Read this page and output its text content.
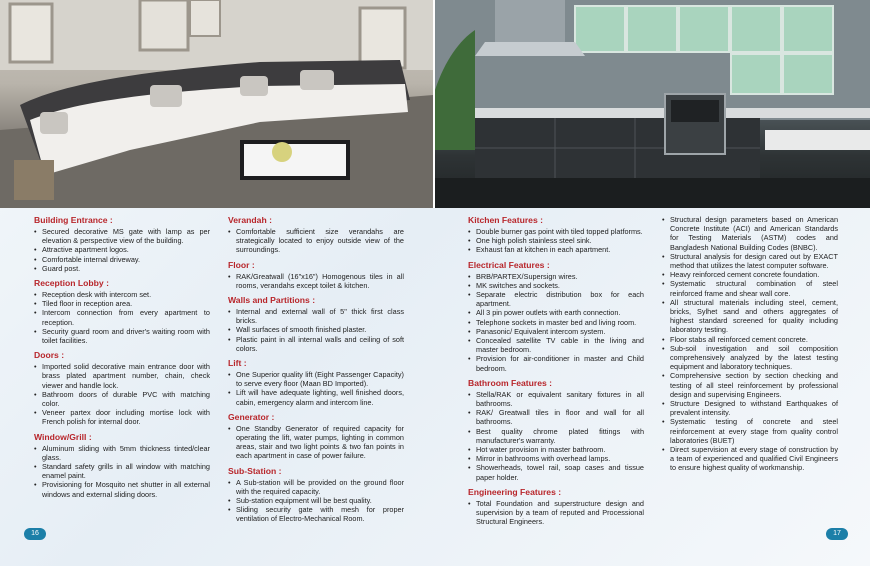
Building Entrance :
• Secured decorative MS gate with lamp as per elevation & perspective view of the building.
• Attractive apartment logos.
• Comfortable internal driveway.
• Guard post.
Reception Lobby :
• Reception desk with intercom set.
• Tiled floor in reception area.
• Intercom connection from every apartment to reception.
• Security guard room and driver's waiting room with toilet facilities.
Doors :
• Imported solid decorative main entrance door with brass plated apartment number, chain, check viewer and handle lock.
• Bathroom doors of durable PVC with matching color.
• Veneer partex door including mortise lock with French polish for internal door.
Window/Grill :
• Aluminum sliding with 5mm thickness tinted/clear glass.
• Standard safety grills in all window with matching enamel paint.
• Provisioning for Mosquito net shutter in all external windows and external sliding doors.
Verandah :
• Comfortable sufficient size verandahs are strategically located to enjoy outside view of the surroundings.
Floor :
• RAK/Greatwall (16"x16") Homogenous tiles in all rooms, verandahs except toilet & kitchen.
Walls and Partitions :
• Internal and external wall of 5" thick first class bricks.
• Wall surfaces of smooth finished plaster.
• Plastic paint in all internal walls and ceiling of soft colors.
Lift :
• One Superior quality lift (Eight Passenger Capacity) to serve every floor (Maan BD Imported).
• Lift will have adequate lighting, well finished doors, cabin, emergency alarm and intercom line.
Generator :
• One Standby Generator of required capacity for operating the lift, water pumps, lighting in common areas, stair and two light points & two fan points in each apartment in case of power failure.
Sub-Station :
• A Sub-station will be provided on the ground floor with the required capacity.
• Sub-station equipment will be best quality.
• Sliding security gate with mesh for proper ventilation of Electro-Mechanical Room.
Kitchen Features :
• Double burner gas point with tiled topped platforms.
• One high polish stainless steel sink.
• Exhaust fan at kitchen in each apartment.
Electrical Features :
• BRB/PARTEX/Supersign wires.
• MK switches and sockets.
• Separate electric distribution box for each apartment.
• All 3 pin power outlets with earth connection.
• Telephone sockets in master bed and living room.
• Panasonic/ Equivalent intercom system.
• Concealed satellite TV cable in the living and master bedroom.
• Provision for air-conditioner in master and Child bedroom.
Bathroom Features :
• Stella/RAK or equivalent sanitary fixtures in all bathrooms.
• RAK/ Greatwall tiles in floor and wall for all bathrooms.
• Best quality chrome plated fittings with manufacturer's warranty.
• Hot water provision in master bathroom.
• Mirror in bathrooms with overhead lamps.
• Showerheads, towel rail, soap cases and tissue paper holder.
Engineering Features :
• Total Foundation and superstructure design and supervision by a team of reputed and Processional Structural Engineers.
• Structural design parameters based on American Concrete Institute (ACI) and American Standards for Testing Materials (ASTM) codes and Bangladesh National Building Codes (BNBC).
• Structural analysis for design cared out by EXACT method that utilizes the latest computer software.
• Heavy reinforced cement concrete foundation.
• Systematic structural combination of steel reinforced frame and shear wall core.
• All structural materials including steel, cement, bricks, Sylhet sand and others aggregates of highest standard screened for quality including laboratory testing.
• Floor stabs all reinforced cement concrete.
• Sub-soil investigation and soil composition comprehensively analyzed by the latest testing equipment and laboratory techniques.
• Comprehensive section by section checking and testing of all steel reinforcement by professional design and supervising Engineers.
• Structure Designed to withstand Earthquakes of prevalent intensity.
• Systematic testing of concrete and steel reinforcement at every stage from quality control laboratories (BUET)
• Direct supervision at every stage of construction by a team of experienced and qualified Civil Engineers to ensure highest quality of workmanship.
16	17
